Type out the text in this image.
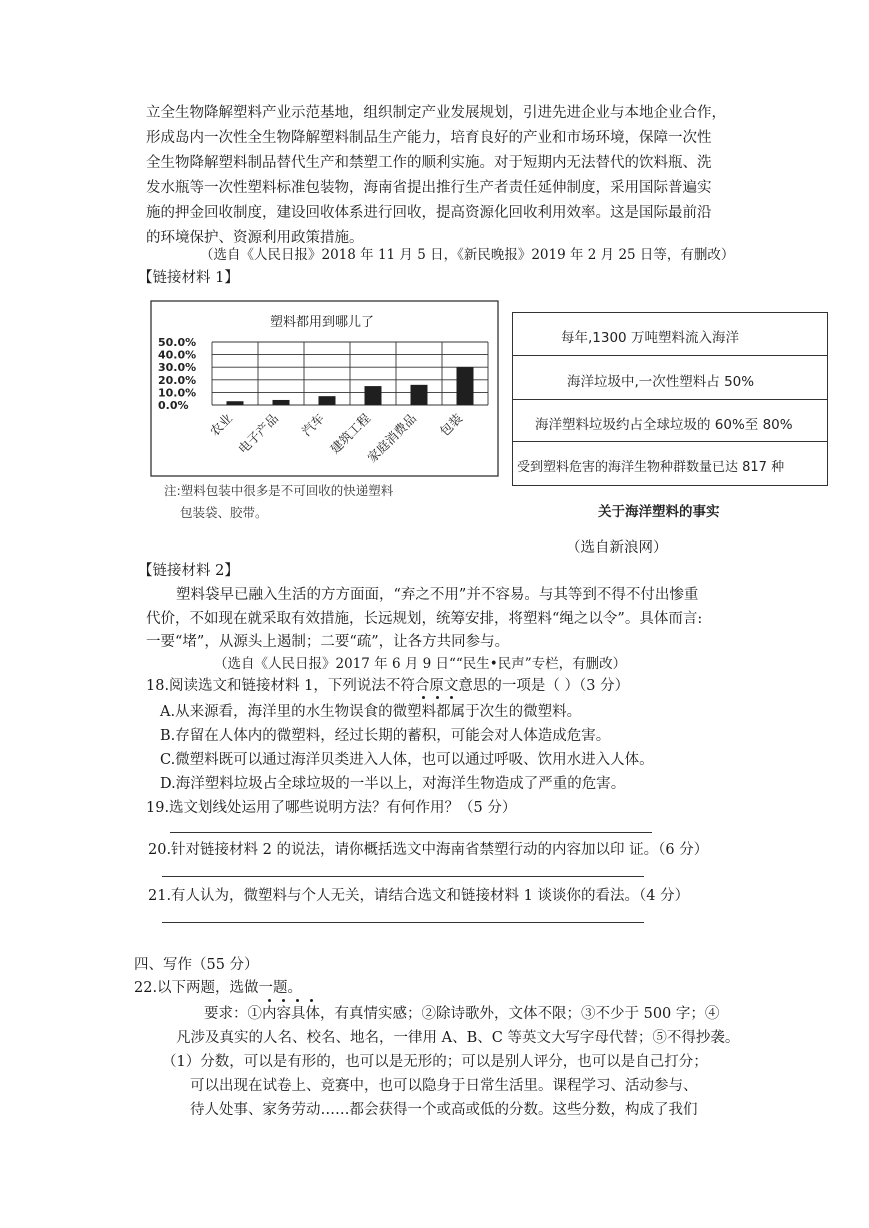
立全生物降解塑料产业示范基地，组织制定产业发展规划，引进先进企业与本地企业合作，
形成岛内一次性全生物降解塑料制品生产能力，培育良好的产业和市场环境，保障一次性
全生物降解塑料制品替代生产和禁塑工作的顺利实施。对于短期内无法替代的饮料瓶、洗
发水瓶等一次性塑料标准包装物，海南省提出推行生产者责任延伸制度，采用国际普遍实
施的押金回收制度，建设回收体系进行回收，提高资源化回收利用效率。这是国际最前沿
的环境保护、资源利用政策措施。
（选自《人民日报》2018 年 11 月 5 日，《新民晚报》2019 年 2 月 25 日等，有删改）
【链接材料 1】
塑料都用到哪儿了
50.0%
40.0%
30.0%
20.0%
10.0%
0.0%
农业 电子产品 汽车 建筑工程
家庭消费品 包装
注:塑料包装中很多是不可回收的快递塑料
包装袋、胶带。
每年,1300 万吨塑料流入海洋
海洋垃圾中,一次性塑料占 50%
海洋塑料垃圾约占全球垃圾的 60%至 80%
受到塑料危害的海洋生物种群数量已达 817 种
关于海洋塑料的事实
（选自新浪网）
【链接材料 2】
塑料袋早已融入生活的方方面面，“弃之不用”并不容易。与其等到不得不付出惨重
代价，不如现在就采取有效措施，长远规划，统筹安排，将塑料“绳之以令”。具体而言:
一要“堵”，从源头上遏制；二要“疏”，让各方共同参与。
（选自《人民日报》2017 年 6 月 9 日““民生•民声”专栏，有删改）
18.阅读选文和链接材料 1，下列说法不符合原文意思的一项是（ ）（3 分）
A.从来源看，海洋里的水生物误食的微塑料都属于次生的微塑料。
B.存留在人体内的微塑料，经过长期的蓄积，可能会对人体造成危害。
C.微塑料既可以通过海洋贝类进入人体，也可以通过呼吸、饮用水进入人体。
D.海洋塑料垃圾占全球垃圾的一半以上，对海洋生物造成了严重的危害。
19.选文划线处运用了哪些说明方法？有何作用？（5 分）
20.针对链接材料 2 的说法，请你概括选文中海南省禁塑行动的内容加以印 证。（6 分）
21.有人认为，微塑料与个人无关，请结合选文和链接材料 1 谈谈你的看法。（4 分）
四、写作（55 分）
22.以下两题，选做一题。
要求：①内容具体，有真情实感；②除诗歌外，文体不限；③不少于 500 字；④
凡涉及真实的人名、校名、地名，一律用 A、B、C 等英文大写字母代替；⑤不得抄袭。
（1）分数，可以是有形的，也可以是无形的；可以是别人评分，也可以是自己打分；
可以出现在试卷上、竞赛中，也可以隐身于日常生活里。课程学习、活动参与、
待人处事、家务劳动……都会获得一个或高或低的分数。这些分数，构成了我们
